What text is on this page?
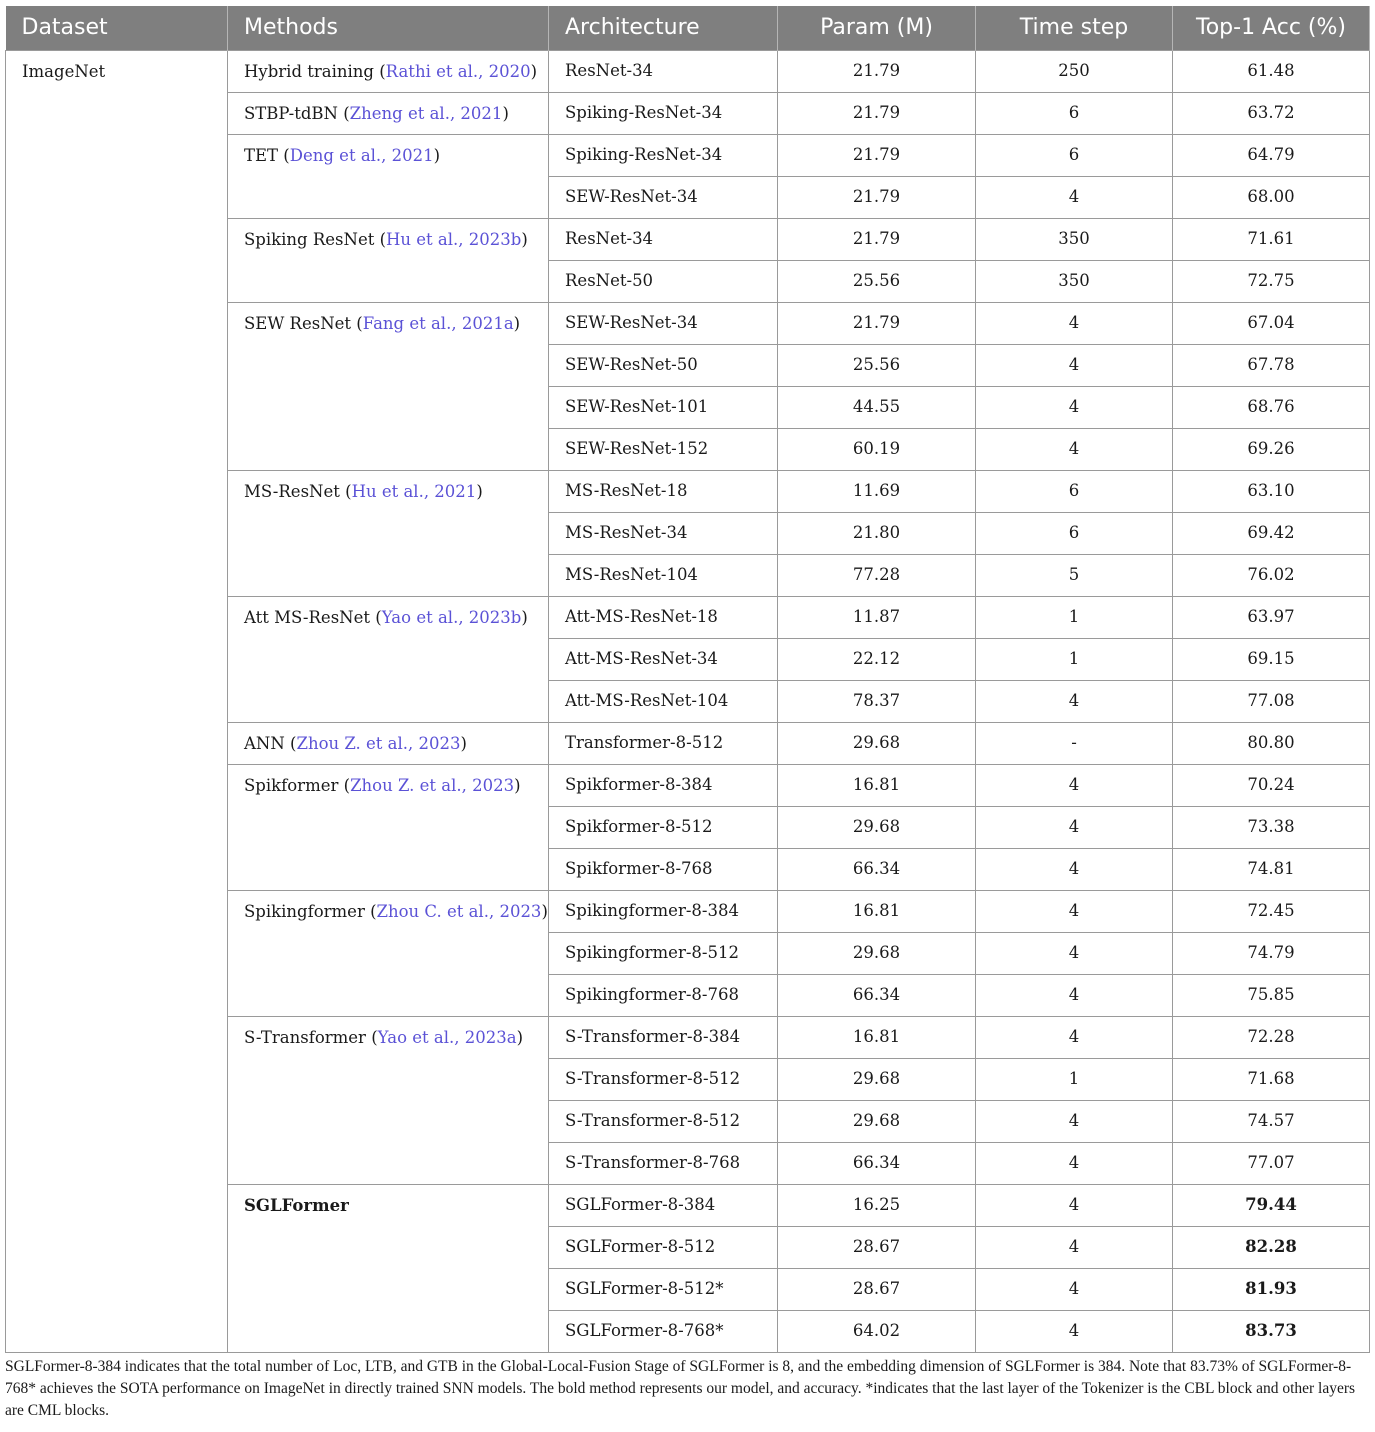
Dataset	Methods	Architecture	Param (M)	Time step	Top-1 Acc (%)
ImageNet	Hybrid training (Rathi et al., 2020)	ResNet-34	21.79	250	61.48
	STBP-tdBN (Zheng et al., 2021)	Spiking-ResNet-34	21.79	6	63.72
	TET (Deng et al., 2021)	Spiking-ResNet-34	21.79	6	64.79
		SEW-ResNet-34	21.79	4	68.00
	Spiking ResNet (Hu et al., 2023b)	ResNet-34	21.79	350	71.61
		ResNet-50	25.56	350	72.75
	SEW ResNet (Fang et al., 2021a)	SEW-ResNet-34	21.79	4	67.04
		SEW-ResNet-50	25.56	4	67.78
		SEW-ResNet-101	44.55	4	68.76
		SEW-ResNet-152	60.19	4	69.26
	MS-ResNet (Hu et al., 2021)	MS-ResNet-18	11.69	6	63.10
		MS-ResNet-34	21.80	6	69.42
		MS-ResNet-104	77.28	5	76.02
	Att MS-ResNet (Yao et al., 2023b)	Att-MS-ResNet-18	11.87	1	63.97
		Att-MS-ResNet-34	22.12	1	69.15
		Att-MS-ResNet-104	78.37	4	77.08
	ANN (Zhou Z. et al., 2023)	Transformer-8-512	29.68	-	80.80
	Spikformer (Zhou Z. et al., 2023)	Spikformer-8-384	16.81	4	70.24
		Spikformer-8-512	29.68	4	73.38
		Spikformer-8-768	66.34	4	74.81
	Spikingformer (Zhou C. et al., 2023)	Spikingformer-8-384	16.81	4	72.45
		Spikingformer-8-512	29.68	4	74.79
		Spikingformer-8-768	66.34	4	75.85
	S-Transformer (Yao et al., 2023a)	S-Transformer-8-384	16.81	4	72.28
		S-Transformer-8-512	29.68	1	71.68
		S-Transformer-8-512	29.68	4	74.57
		S-Transformer-8-768	66.34	4	77.07
	SGLFormer	SGLFormer-8-384	16.25	4	79.44
		SGLFormer-8-512	28.67	4	82.28
		SGLFormer-8-512*	28.67	4	81.93
		SGLFormer-8-768*	64.02	4	83.73

SGLFormer-8-384 indicates that the total number of Loc, LTB, and GTB in the Global-Local-Fusion Stage of SGLFormer is 8, and the embedding dimension of SGLFormer is 384. Note that 83.73% of SGLFormer-8-768* achieves the SOTA performance on ImageNet in directly trained SNN models. The bold method represents our model, and accuracy. *indicates that the last layer of the Tokenizer is the CBL block and other layers are CML blocks.
